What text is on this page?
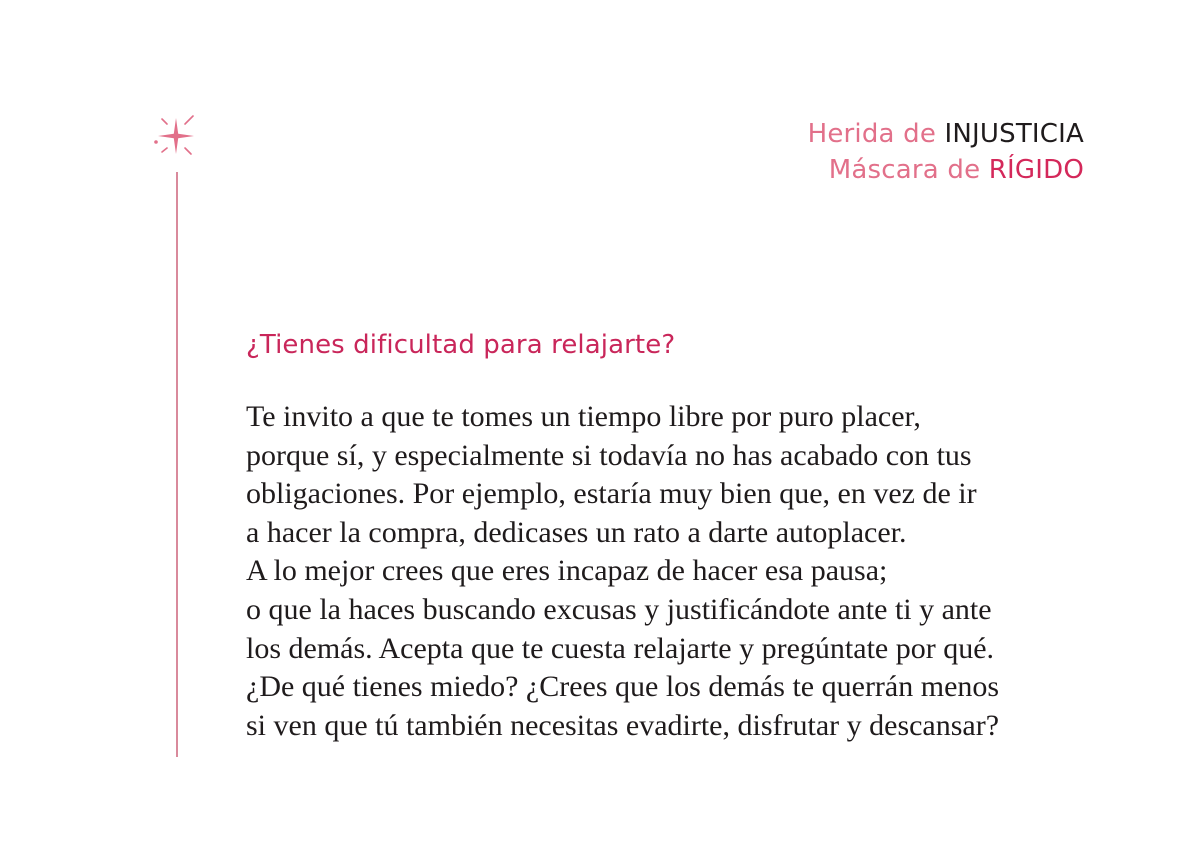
Herida de INJUSTICIA
Máscara de RÍGIDO
¿Tienes dificultad para relajarte?
Te invito a que te tomes un tiempo libre por puro placer,
porque sí, y especialmente si todavía no has acabado con tus
obligaciones. Por ejemplo, estaría muy bien que, en vez de ir
a hacer la compra, dedicases un rato a darte autoplacer.
A lo mejor crees que eres incapaz de hacer esa pausa;
o que la haces buscando excusas y justificándote ante ti y ante
los demás. Acepta que te cuesta relajarte y pregúntate por qué.
¿De qué tienes miedo? ¿Crees que los demás te querrán menos
si ven que tú también necesitas evadirte, disfrutar y descansar?
